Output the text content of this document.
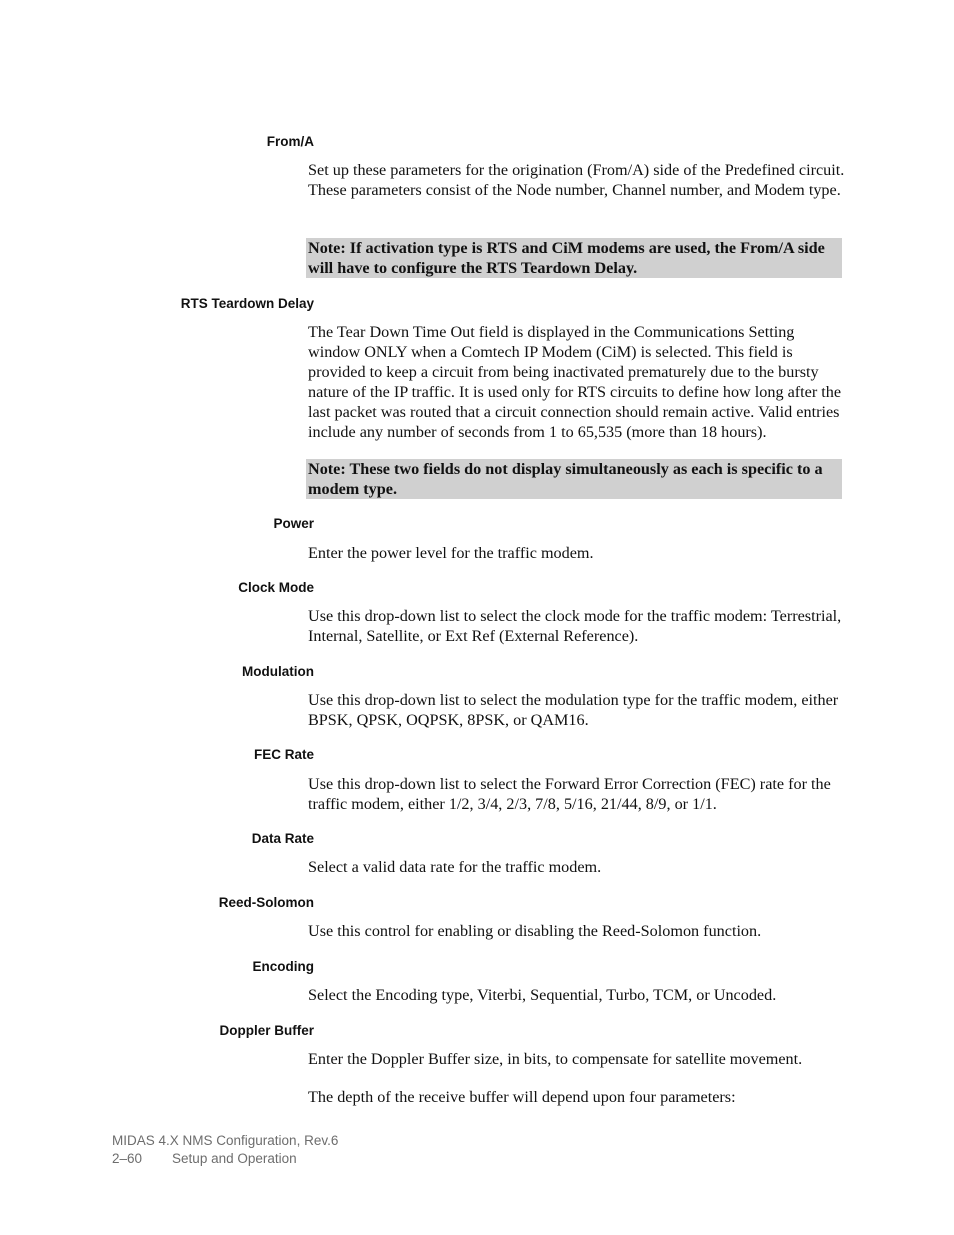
From/A

Set up these parameters for the origination (From/A) side of the Predefined circuit. These parameters consist of the Node number, Channel number, and Modem type.

Note: If activation type is RTS and CiM modems are used, the From/A side will have to configure the RTS Teardown Delay.
RTS Teardown Delay

The Tear Down Time Out field is displayed in the Communications Setting window ONLY when a Comtech IP Modem (CiM) is selected. This field is provided to keep a circuit from being inactivated prematurely due to the bursty nature of the IP traffic. It is used only for RTS circuits to define how long after the last packet was routed that a circuit connection should remain active. Valid entries include any number of seconds from 1 to 65,535 (more than 18 hours).

Note: These two fields do not display simultaneously as each is specific to a modem type.
Power

Enter the power level for the traffic modem.

Clock Mode

Use this drop-down list to select the clock mode for the traffic modem: Terrestrial, Internal, Satellite, or Ext Ref (External Reference).

Modulation

Use this drop-down list to select the modulation type for the traffic modem, either BPSK, QPSK, OQPSK, 8PSK, or QAM16.

FEC Rate

Use this drop-down list to select the Forward Error Correction (FEC) rate for the traffic modem, either 1/2, 3/4, 2/3, 7/8, 5/16, 21/44, 8/9, or 1/1.

Data Rate

Select a valid data rate for the traffic modem.

Reed-Solomon

Use this control for enabling or disabling the Reed-Solomon function.

Encoding

Select the Encoding type, Viterbi, Sequential, Turbo, TCM, or Uncoded.

Doppler Buffer

Enter the Doppler Buffer size, in bits, to compensate for satellite movement.

The depth of the receive buffer will depend upon four parameters:

MIDAS 4.X NMS Configuration, Rev.6
2–60 Setup and Operation
